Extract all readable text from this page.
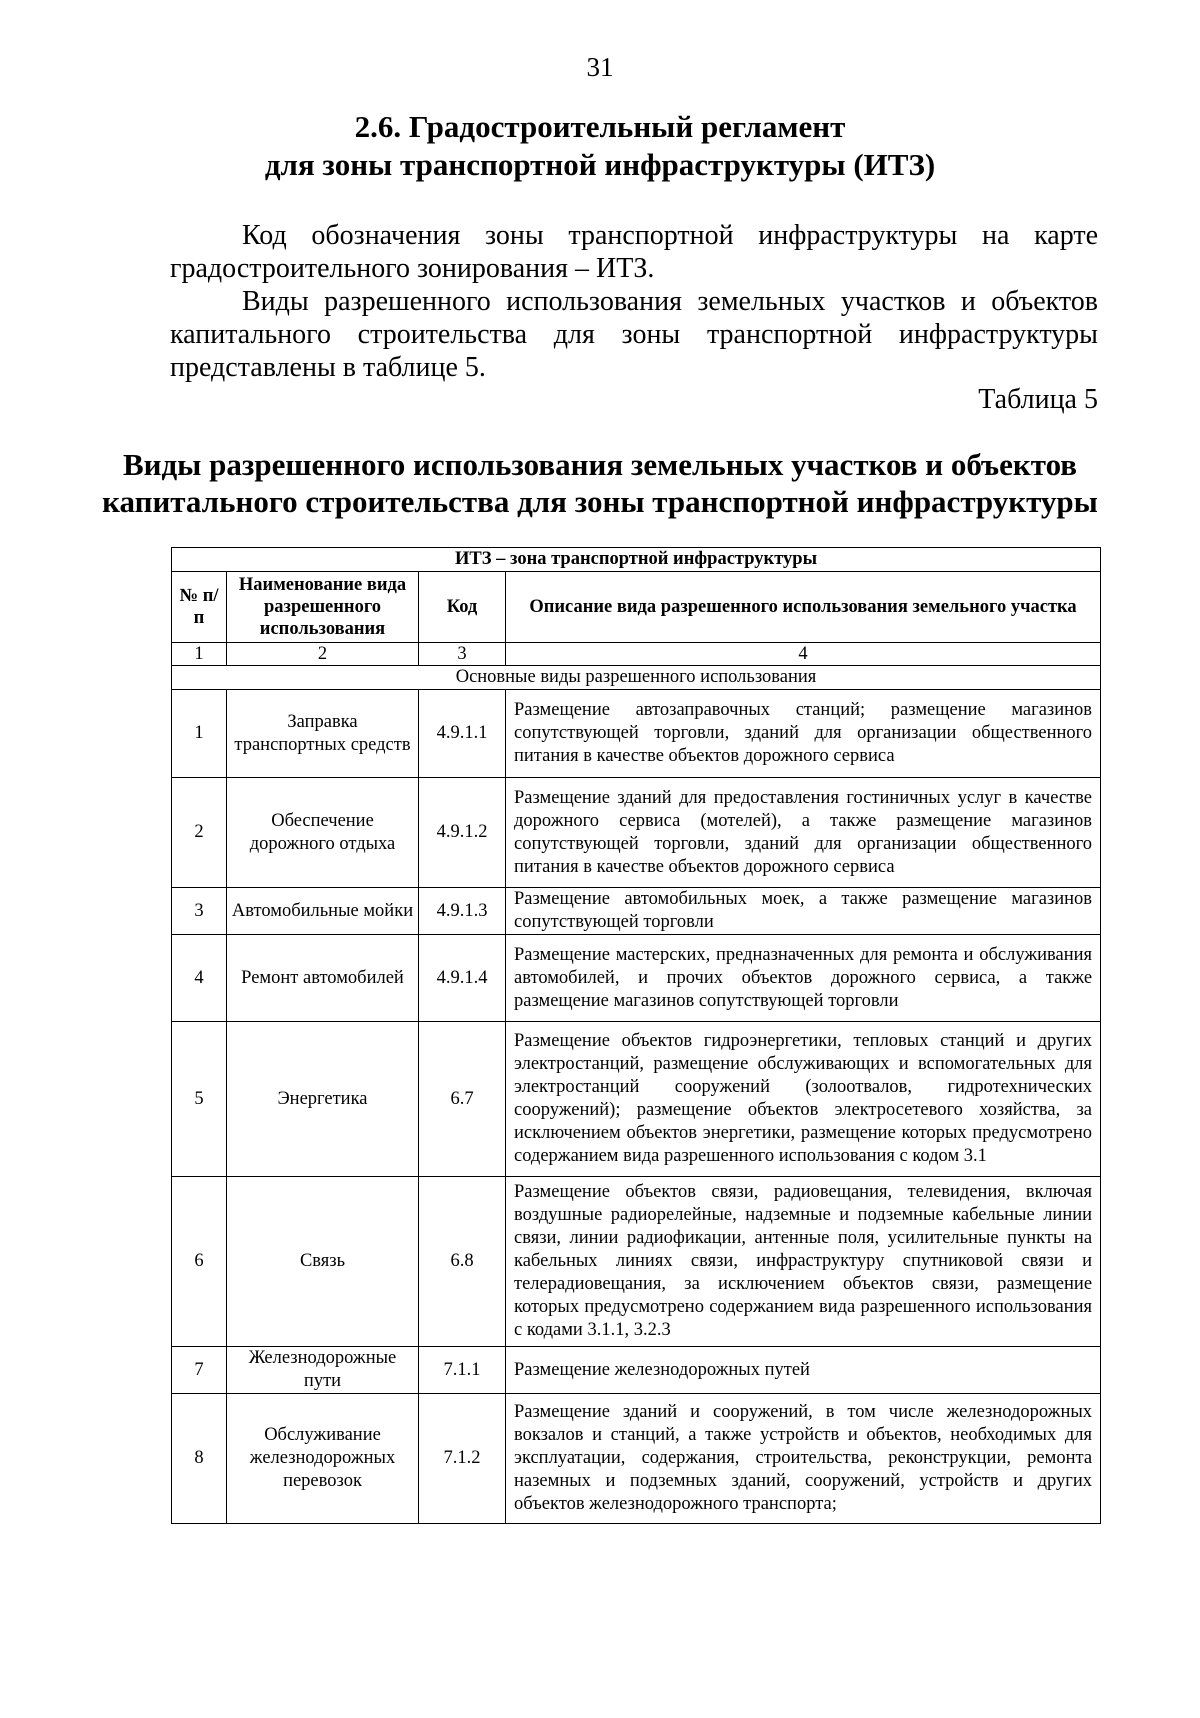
31
2.6. Градостроительный регламент
для зоны транспортной инфраструктуры (ИТЗ)
Код обозначения зоны транспортной инфраструктуры на карте градостроительного зонирования – ИТЗ.
Виды разрешенного использования земельных участков и объектов капитального строительства для зоны транспортной инфраструктуры представлены в таблице 5.
Таблица 5
Виды разрешенного использования земельных участков и объектов
капитального строительства для зоны транспортной инфраструктуры
ИТЗ – зона транспортной инфраструктуры			
№ п/п	Наименование вида разрешенного использования	Код	Описание вида разрешенного использования земельного участка
1	2	3	4
Основные виды разрешенного использования			
1	Заправка транспортных средств	4.9.1.1	Размещение автозаправочных станций; размещение магазинов сопутствующей торговли, зданий для организации общественного питания в качестве объектов дорожного сервиса
2	Обеспечение дорожного отдыха	4.9.1.2	Размещение зданий для предоставления гостиничных услуг в качестве дорожного сервиса (мотелей), а также размещение магазинов сопутствующей торговли, зданий для организации общественного питания в качестве объектов дорожного сервиса
3	Автомобильные мойки	4.9.1.3	Размещение автомобильных моек, а также размещение магазинов сопутствующей торговли
4	Ремонт автомобилей	4.9.1.4	Размещение мастерских, предназначенных для ремонта и обслуживания автомобилей, и прочих объектов дорожного сервиса, а также размещение магазинов сопутствующей торговли
5	Энергетика	6.7	Размещение объектов гидроэнергетики, тепловых станций и других электростанций, размещение обслуживающих и вспомогательных для электростанций сооружений (золоотвалов, гидротехнических сооружений); размещение объектов электросетевого хозяйства, за исключением объектов энергетики, размещение которых предусмотрено содержанием вида разрешенного использования с кодом 3.1
6	Связь	6.8	Размещение объектов связи, радиовещания, телевидения, включая воздушные радиорелейные, надземные и подземные кабельные линии связи, линии радиофикации, антенные поля, усилительные пункты на кабельных линиях связи, инфраструктуру спутниковой связи и телерадиовещания, за исключением объектов связи, размещение которых предусмотрено содержанием вида разрешенного использования с кодами 3.1.1, 3.2.3
7	Железнодорожные пути	7.1.1	Размещение железнодорожных путей
8	Обслуживание железнодорожных перевозок	7.1.2	Размещение зданий и сооружений, в том числе железнодорожных вокзалов и станций, а также устройств и объектов, необходимых для эксплуатации, содержания, строительства, реконструкции, ремонта наземных и подземных зданий, сооружений, устройств и других объектов железнодорожного транспорта;
